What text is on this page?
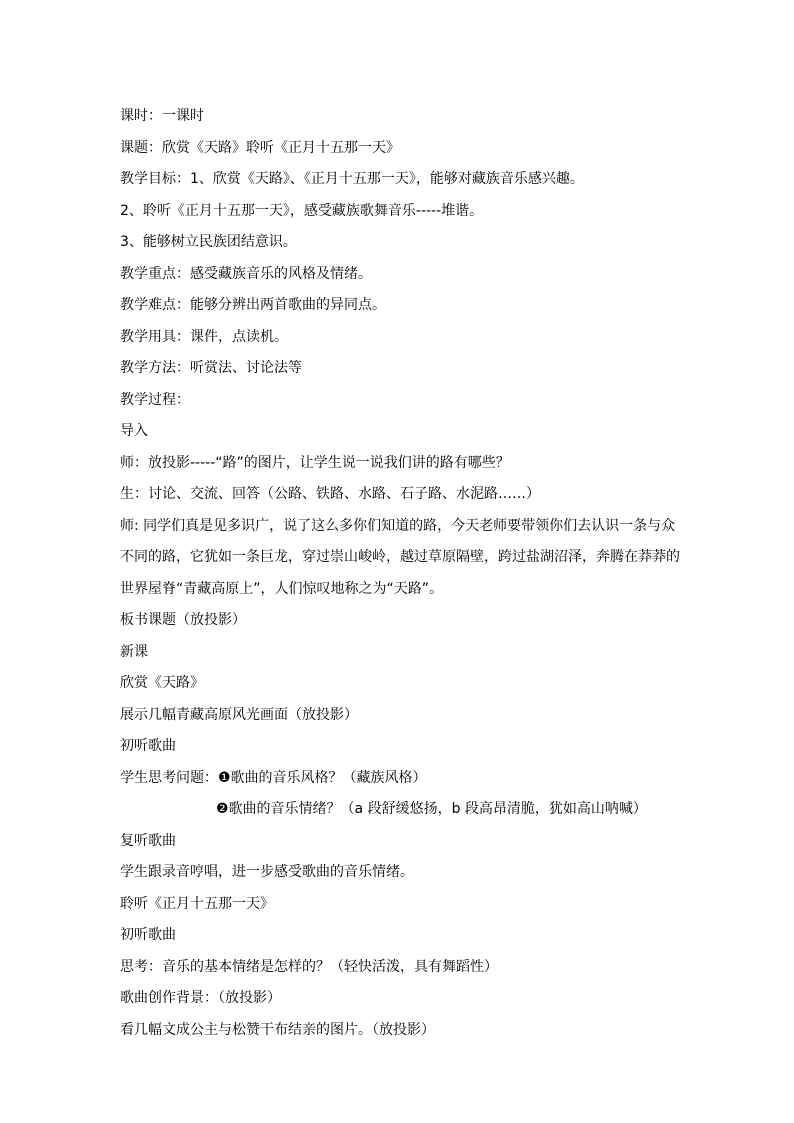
课时：一课时
课题：欣赏《天路》聆听《正月十五那一天》
教学目标：1、欣赏《天路》、《正月十五那一天》，能够对藏族音乐感兴趣。
2、聆听《正月十五那一天》，感受藏族歌舞音乐-----堆谐。
3、能够树立民族团结意识。
教学重点：感受藏族音乐的风格及情绪。
教学难点：能够分辨出两首歌曲的异同点。
教学用具：课件，点读机。
教学方法：听赏法、讨论法等
教学过程：
导入
师：放投影-----“路”的图片，让学生说一说我们讲的路有哪些？
生：讨论、交流、回答（公路、铁路、水路、石子路、水泥路……）
师: 同学们真是见多识广，说了这么多你们知道的路，今天老师要带领你们去认识一条与众
不同的路，它犹如一条巨龙，穿过崇山峻岭，越过草原隔壁，跨过盐湖沼泽，奔腾在莽莽的
世界屋脊“青藏高原上”，人们惊叹地称之为“天路”。
板书课题（放投影）
新课
欣赏《天路》
展示几幅青藏高原风光画面（放投影）
初听歌曲
学生思考问题：❶歌曲的音乐风格？（藏族风格）
❷歌曲的音乐情绪？（a 段舒缓悠扬，b 段高昂清脆，犹如高山呐喊）
复听歌曲
学生跟录音哼唱，进一步感受歌曲的音乐情绪。
聆听《正月十五那一天》
初听歌曲
思考：音乐的基本情绪是怎样的？（轻快活泼，具有舞蹈性）
歌曲创作背景：（放投影）
看几幅文成公主与松赞干布结亲的图片。（放投影）
